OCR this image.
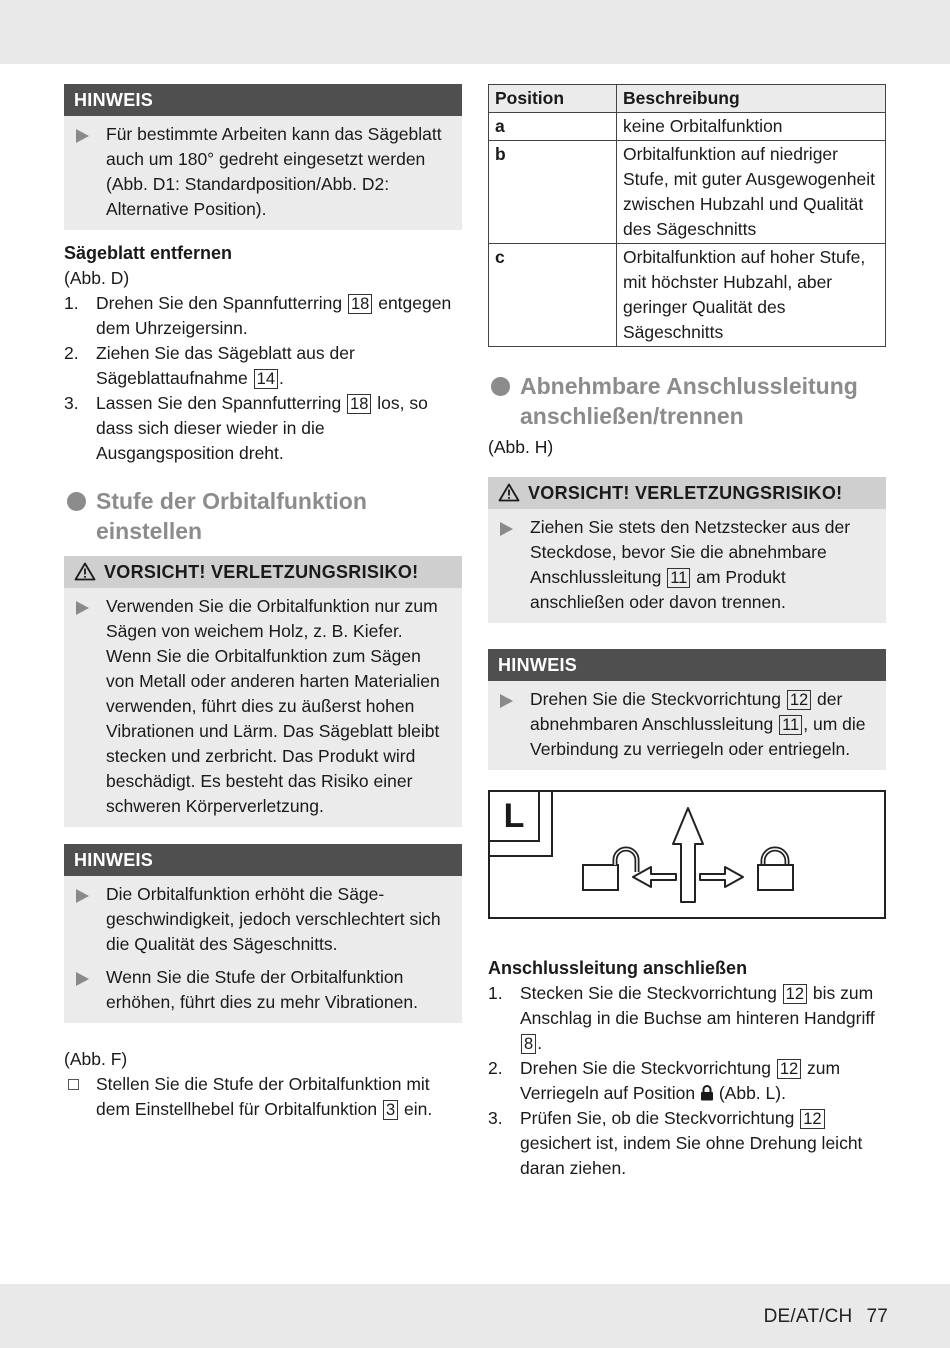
HINWEIS
Für bestimmte Arbeiten kann das Sägeblatt auch um 180° gedreht eingesetzt werden (Abb. D1: Standardposition/Abb. D2: Alternative Position).
Sägeblatt entfernen
(Abb. D)
1. Drehen Sie den Spannfutterring 18 entgegen dem Uhrzeigersinn.
2. Ziehen Sie das Sägeblatt aus der Sägeblattaufnahme 14 .
3. Lassen Sie den Spannfutterring 18 los, so dass sich dieser wieder in die Ausgangsposition dreht.
Stufe der Orbitalfunktion einstellen
VORSICHT! VERLETZUNGSRISIKO!
Verwenden Sie die Orbitalfunktion nur zum Sägen von weichem Holz, z. B. Kiefer. Wenn Sie die Orbitalfunktion zum Sägen von Metall oder anderen harten Materialien verwenden, führt dies zu äußerst hohen Vibrationen und Lärm. Das Sägeblatt bleibt stecken und zerbricht. Das Produkt wird beschädigt. Es besteht das Risiko einer schweren Körperverletzung.
HINWEIS
Die Orbitalfunktion erhöht die Sägegeschwindigkeit, jedoch verschlechtert sich die Qualität des Sägeschnitts.
Wenn Sie die Stufe der Orbitalfunktion erhöhen, führt dies zu mehr Vibrationen.
(Abb. F)
Stellen Sie die Stufe der Orbitalfunktion mit dem Einstellhebel für Orbitalfunktion 3 ein.
Position	Beschreibung
a	keine Orbitalfunktion
b	Orbitalfunktion auf niedriger Stufe, mit guter Ausgewogenheit zwischen Hubzahl und Qualität des Sägeschnitts
c	Orbitalfunktion auf hoher Stufe, mit höchster Hubzahl, aber geringer Qualität des Sägeschnitts
Abnehmbare Anschlussleitung anschließen/trennen
(Abb. H)
VORSICHT! VERLETZUNGSRISIKO!
Ziehen Sie stets den Netzstecker aus der Steckdose, bevor Sie die abnehmbare Anschlussleitung 11 am Produkt anschließen oder davon trennen.
HINWEIS
Drehen Sie die Steckvorrichtung 12 der abnehmbaren Anschlussleitung 11 , um die Verbindung zu verriegeln oder entriegeln.
L
Anschlussleitung anschließen
1. Stecken Sie die Steckvorrichtung 12 bis zum Anschlag in die Buchse am hinteren Handgriff 8 .
2. Drehen Sie die Steckvorrichtung 12 zum Verriegeln auf Position  (Abb. L).
3. Prüfen Sie, ob die Steckvorrichtung 12 gesichert ist, indem Sie ohne Drehung leicht daran ziehen.
DE/AT/CH 77
